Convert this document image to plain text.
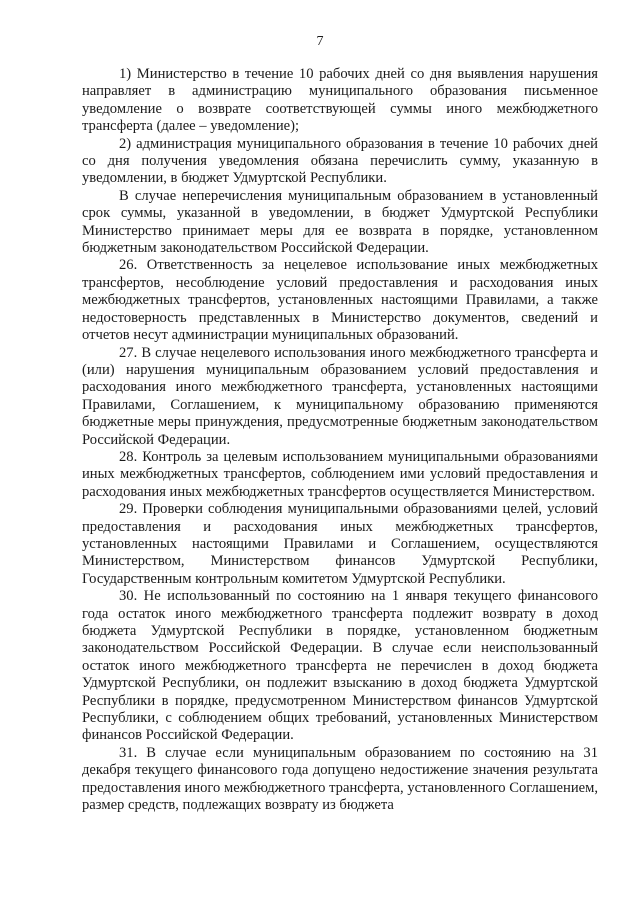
7

1) Министерство в течение 10 рабочих дней со дня выявления нарушения направляет в администрацию муниципального образования письменное уведомление о возврате соответствующей суммы иного межбюджетного трансферта (далее – уведомление);

2) администрация муниципального образования в течение 10 рабочих дней со дня получения уведомления обязана перечислить сумму, указанную в уведомлении, в бюджет Удмуртской Республики.

В случае неперечисления муниципальным образованием в установленный срок суммы, указанной в уведомлении, в бюджет Удмуртской Республики Министерство принимает меры для ее возврата в порядке, установленном бюджетным законодательством Российской Федерации.

26. Ответственность за нецелевое использование иных межбюджетных трансфертов, несоблюдение условий предоставления и расходования иных межбюджетных трансфертов, установленных настоящими Правилами, а также недостоверность представленных в Министерство документов, сведений и отчетов несут администрации муниципальных образований.

27. В случае нецелевого использования иного межбюджетного трансферта и (или) нарушения муниципальным образованием условий предоставления и расходования иного межбюджетного трансферта, установленных настоящими Правилами, Соглашением, к муниципальному образованию применяются бюджетные меры принуждения, предусмотренные бюджетным законодательством Российской Федерации.

28. Контроль за целевым использованием муниципальными образованиями иных межбюджетных трансфертов, соблюдением ими условий предоставления и расходования иных межбюджетных трансфертов осуществляется Министерством.

29. Проверки соблюдения муниципальными образованиями целей, условий предоставления и расходования иных межбюджетных трансфертов, установленных настоящими Правилами и Соглашением, осуществляются Министерством, Министерством финансов Удмуртской Республики, Государственным контрольным комитетом Удмуртской Республики.

30. Не использованный по состоянию на 1 января текущего финансового года остаток иного межбюджетного трансферта подлежит возврату в доход бюджета Удмуртской Республики в порядке, установленном бюджетным законодательством Российской Федерации. В случае если неиспользованный остаток иного межбюджетного трансферта не перечислен в доход бюджета Удмуртской Республики, он подлежит взысканию в доход бюджета Удмуртской Республики в порядке, предусмотренном Министерством финансов Удмуртской Республики, с соблюдением общих требований, установленных Министерством финансов Российской Федерации.

31. В случае если муниципальным образованием по состоянию на 31 декабря текущего финансового года допущено недостижение значения результата предоставления иного межбюджетного трансферта, установленного Соглашением, размер средств, подлежащих возврату из бюджета
